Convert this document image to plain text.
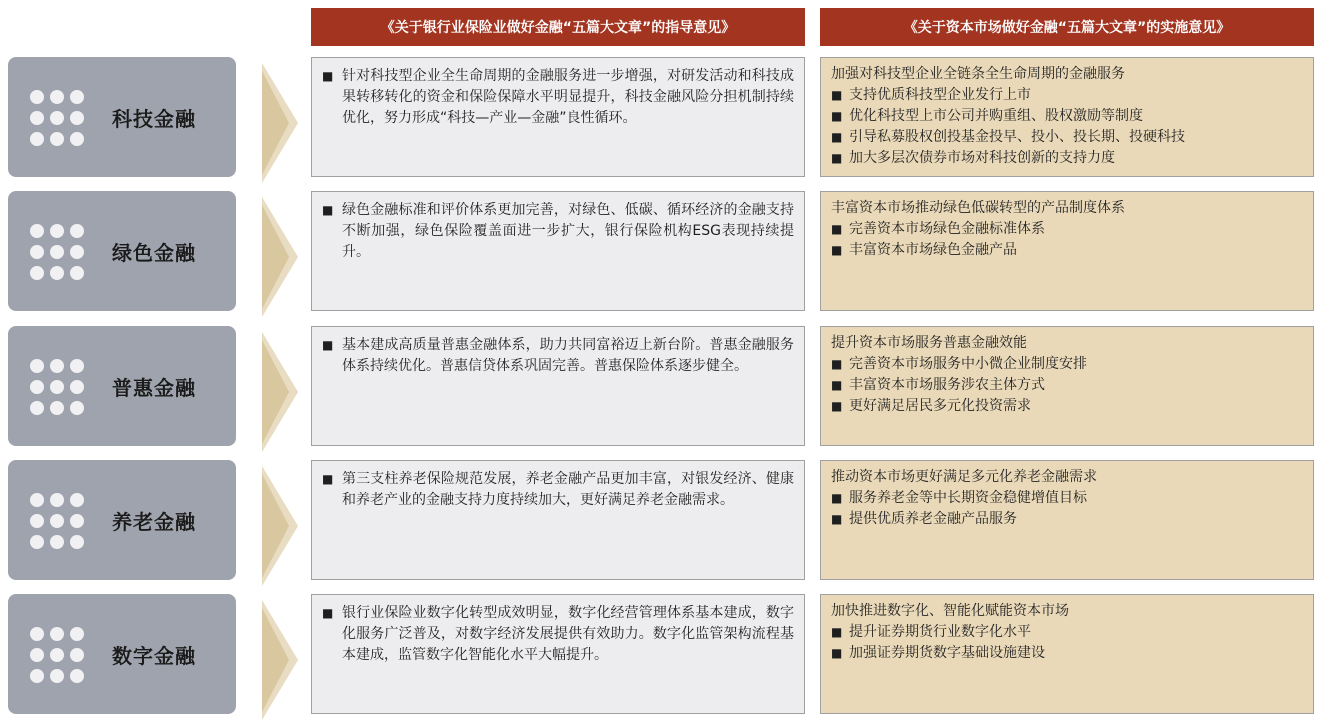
《关于银行业保险业做好金融“五篇大文章”的指导意见》	《关于资本市场做好金融“五篇大文章”的实施意见》
科技金融
■ 针对科技型企业全生命周期的金融服务进一步增强，对研发活动和科技成果转移转化的资金和保险保障水平明显提升，科技金融风险分担机制持续优化，努力形成“科技—产业—金融”良性循环。
加强对科技型企业全链条全生命周期的金融服务
■ 支持优质科技型企业发行上市
■ 优化科技型上市公司并购重组、股权激励等制度
■ 引导私募股权创投基金投早、投小、投长期、投硬科技
■ 加大多层次债券市场对科技创新的支持力度
绿色金融
■ 绿色金融标准和评价体系更加完善，对绿色、低碳、循环经济的金融支持不断加强，绿色保险覆盖面进一步扩大，银行保险机构ESG表现持续提升。
丰富资本市场推动绿色低碳转型的产品制度体系
■ 完善资本市场绿色金融标准体系
■ 丰富资本市场绿色金融产品
普惠金融
■ 基本建成高质量普惠金融体系，助力共同富裕迈上新台阶。普惠金融服务体系持续优化。普惠信贷体系巩固完善。普惠保险体系逐步健全。
提升资本市场服务普惠金融效能
■ 完善资本市场服务中小微企业制度安排
■ 丰富资本市场服务涉农主体方式
■ 更好满足居民多元化投资需求
养老金融
■ 第三支柱养老保险规范发展，养老金融产品更加丰富，对银发经济、健康和养老产业的金融支持力度持续加大，更好满足养老金融需求。
推动资本市场更好满足多元化养老金融需求
■ 服务养老金等中长期资金稳健增值目标
■ 提供优质养老金融产品服务
数字金融
■ 银行业保险业数字化转型成效明显，数字化经营管理体系基本建成，数字化服务广泛普及，对数字经济发展提供有效助力。数字化监管架构流程基本建成，监管数字化智能化水平大幅提升。
加快推进数字化、智能化赋能资本市场
■ 提升证券期货行业数字化水平
■ 加强证券期货数字基础设施建设
